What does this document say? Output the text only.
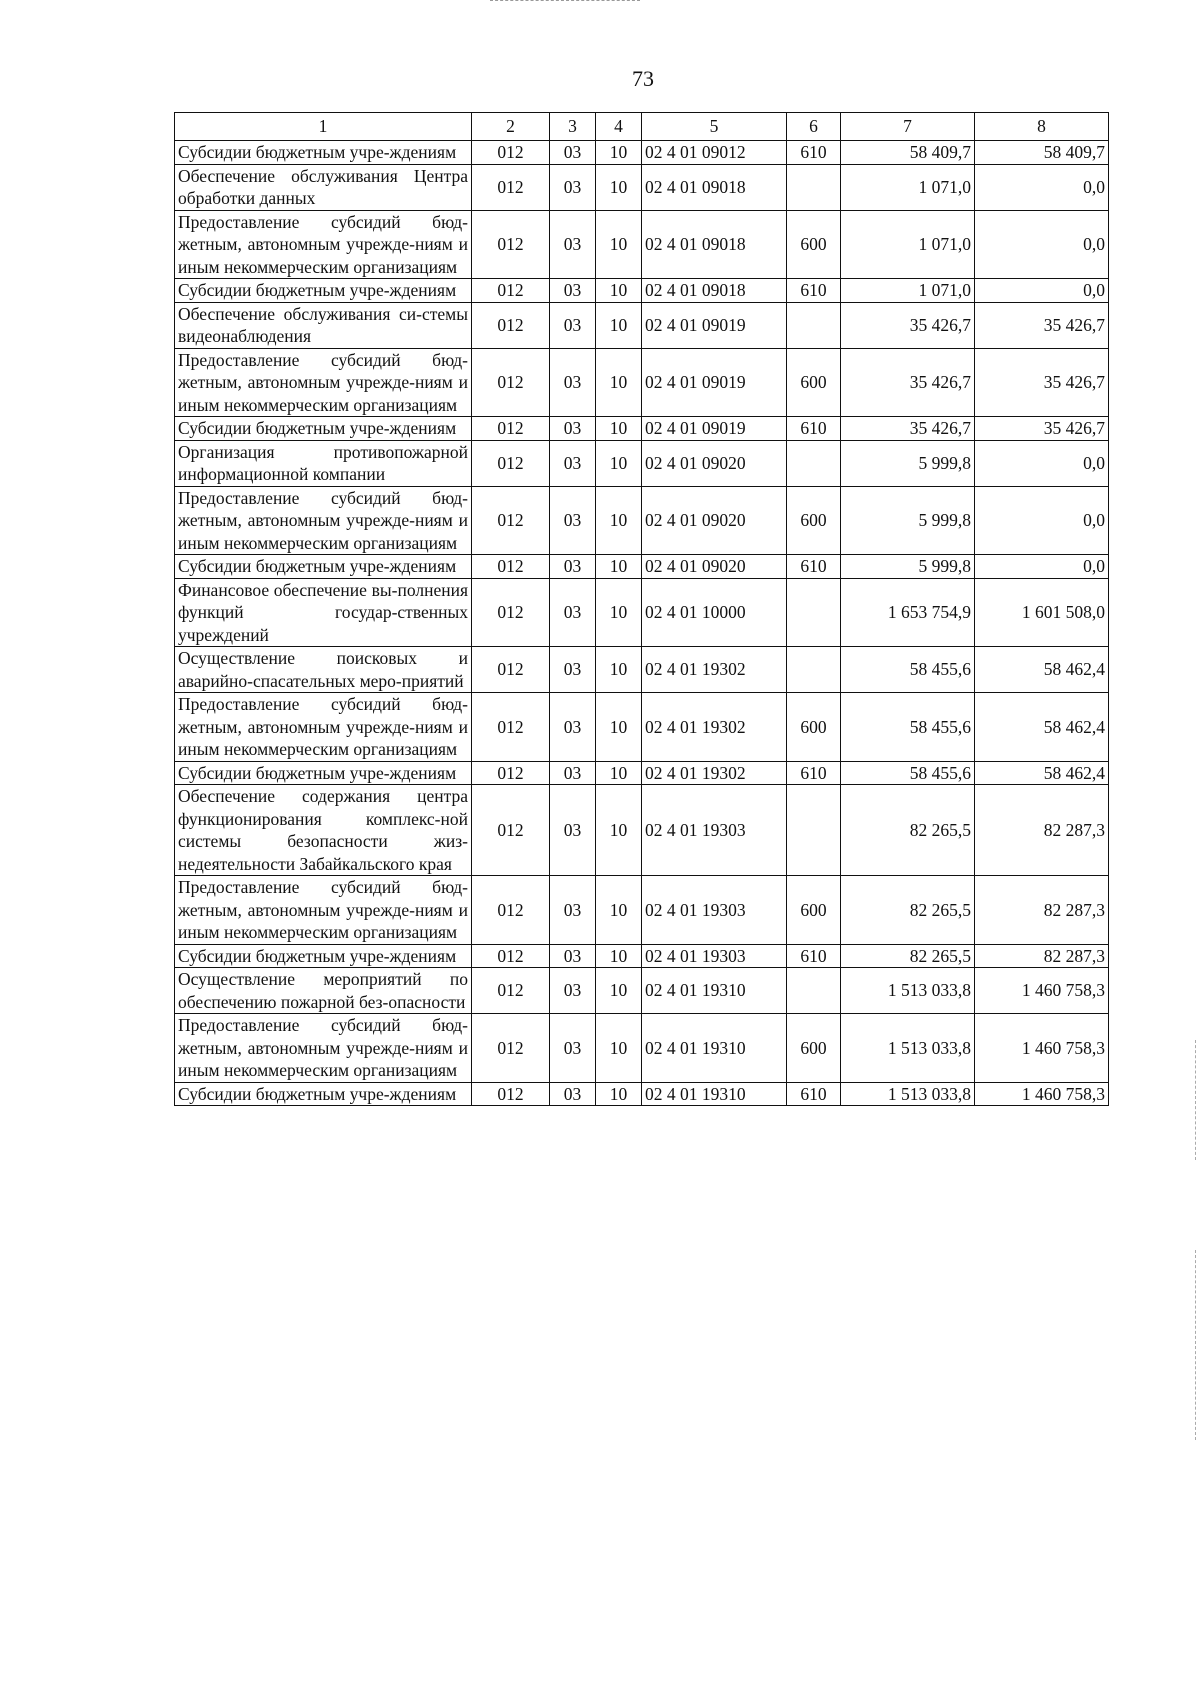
73
1	2	3	4	5	6	7	8
Субсидии бюджетным учре-ждениям	012	03	10	02 4 01 09012	610	58 409,7	58 409,7
Обеспечение обслуживания Центра обработки данных	012	03	10	02 4 01 09018		1 071,0	0,0
Предоставление субсидий бюд-жетным, автономным учрежде-ниям и иным некоммерческим организациям	012	03	10	02 4 01 09018	600	1 071,0	0,0
Субсидии бюджетным учре-ждениям	012	03	10	02 4 01 09018	610	1 071,0	0,0
Обеспечение обслуживания си-стемы видеонаблюдения	012	03	10	02 4 01 09019		35 426,7	35 426,7
Предоставление субсидий бюд-жетным, автономным учрежде-ниям и иным некоммерческим организациям	012	03	10	02 4 01 09019	600	35 426,7	35 426,7
Субсидии бюджетным учре-ждениям	012	03	10	02 4 01 09019	610	35 426,7	35 426,7
Организация противопожарной информационной компании	012	03	10	02 4 01 09020		5 999,8	0,0
Предоставление субсидий бюд-жетным, автономным учрежде-ниям и иным некоммерческим организациям	012	03	10	02 4 01 09020	600	5 999,8	0,0
Субсидии бюджетным учре-ждениям	012	03	10	02 4 01 09020	610	5 999,8	0,0
Финансовое обеспечение вы-полнения функций государ-ственных учреждений	012	03	10	02 4 01 10000		1 653 754,9	1 601 508,0
Осуществление поисковых и аварийно-спасательных меро-приятий	012	03	10	02 4 01 19302		58 455,6	58 462,4
Предоставление субсидий бюд-жетным, автономным учрежде-ниям и иным некоммерческим организациям	012	03	10	02 4 01 19302	600	58 455,6	58 462,4
Субсидии бюджетным учре-ждениям	012	03	10	02 4 01 19302	610	58 455,6	58 462,4
Обеспечение содержания центра функционирования комплекс-ной системы безопасности жиз-недеятельности Забайкальского края	012	03	10	02 4 01 19303		82 265,5	82 287,3
Предоставление субсидий бюд-жетным, автономным учрежде-ниям и иным некоммерческим организациям	012	03	10	02 4 01 19303	600	82 265,5	82 287,3
Субсидии бюджетным учре-ждениям	012	03	10	02 4 01 19303	610	82 265,5	82 287,3
Осуществление мероприятий по обеспечению пожарной без-опасности	012	03	10	02 4 01 19310		1 513 033,8	1 460 758,3
Предоставление субсидий бюд-жетным, автономным учрежде-ниям и иным некоммерческим организациям	012	03	10	02 4 01 19310	600	1 513 033,8	1 460 758,3
Субсидии бюджетным учре-ждениям	012	03	10	02 4 01 19310	610	1 513 033,8	1 460 758,3
